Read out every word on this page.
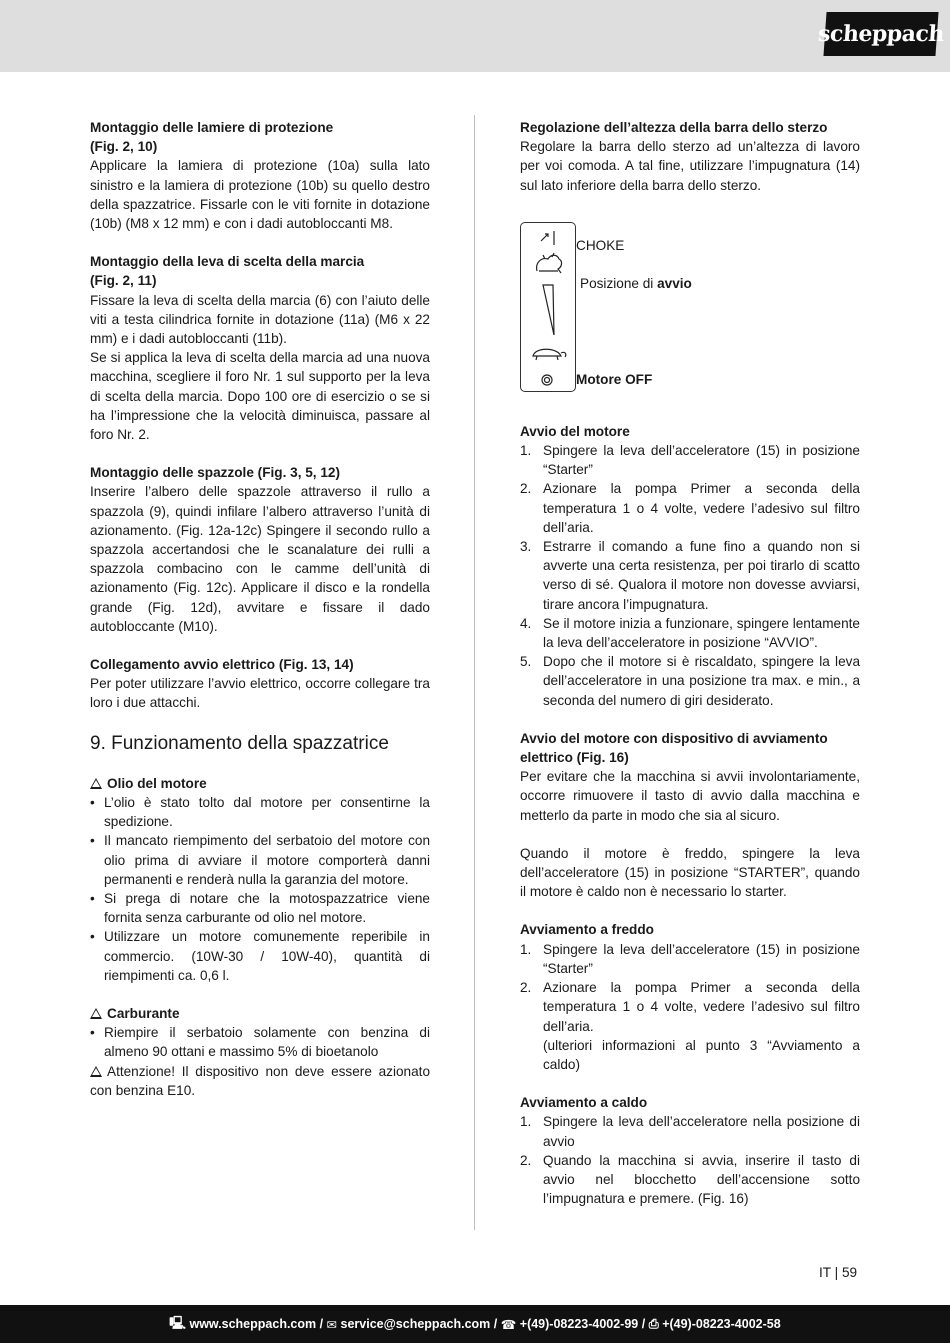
scheppach
Montaggio delle lamiere di protezione
(Fig. 2, 10)

Applicare la lamiera di protezione (10a) sulla lato sinistro e la lamiera di protezione (10b) su quello destro della spazzatrice. Fissarle con le viti fornite in dotazione (10b) (M8 x 12 mm) e con i dadi autobloccanti M8.

Montaggio della leva di scelta della marcia
(Fig. 2, 11)

Fissare la leva di scelta della marcia (6) con l’aiuto delle viti a testa cilindrica fornite in dotazione (11a) (M6 x 22 mm) e i dadi autobloccanti (11b).

Se si applica la leva di scelta della marcia ad una nuova macchina, scegliere il foro Nr. 1 sul supporto per la leva di scelta della marcia. Dopo 100 ore di esercizio o se si ha l’impressione che la velocità diminuisca, passare al foro Nr. 2.

Montaggio delle spazzole (Fig. 3, 5, 12)

Inserire l’albero delle spazzole attraverso il rullo a spazzola (9), quindi infilare l’albero attraverso l’unità di azionamento. (Fig. 12a-12c) Spingere il secondo rullo a spazzola accertandosi che le scanalature dei rulli a spazzola combacino con le camme dell’unità di azionamento (Fig. 12c). Applicare il disco e la rondella grande (Fig. 12d), avvitare e fissare il dado autobloccante (M10).

Collegamento avvio elettrico (Fig. 13, 14)

Per poter utilizzare l’avvio elettrico, occorre collegare tra loro i due attacchi.

9. Funzionamento della spazzatrice
Olio del motore
• L’olio è stato tolto dal motore per consentirne la spedizione.
• Il mancato riempimento del serbatoio del motore con olio prima di avviare il motore comporterà danni permanenti e renderà nulla la garanzia del motore.
• Si prega di notare che la motospazzatrice viene fornita senza carburante od olio nel motore.
• Utilizzare un motore comunemente reperibile in commercio. (10W-30 / 10W-40), quantità di riempimenti ca. 0,6 l.
Carburante
• Riempire il serbatoio solamente con benzina di almeno 90 ottani e massimo 5% di bioetanolo

Attenzione! Il dispositivo non deve essere azionato con benzina E10.

Regolazione dell’altezza della barra dello sterzo

Regolare la barra dello sterzo ad un’altezza di lavoro per voi comoda. A tal fine, utilizzare l’impugnatura (14) sul lato inferiore della barra dello sterzo.

CHOKE
Posizione di avvio
Motore OFF
Avvio del motore
1. Spingere la leva dell’acceleratore (15) in posizione “Starter”
2. Azionare la pompa Primer a seconda della temperatura 1 o 4 volte, vedere l’adesivo sul filtro dell’aria.
3. Estrarre il comando a fune fino a quando non si avverte una certa resistenza, per poi tirarlo di scatto verso di sé. Qualora il motore non dovesse avviarsi, tirare ancora l’impugnatura.
4. Se il motore inizia a funzionare, spingere lentamente la leva dell’acceleratore in posizione “AVVIO”.
5. Dopo che il motore si è riscaldato, spingere la leva dell’acceleratore in una posizione tra max. e min., a seconda del numero di giri desiderato.
Avvio del motore con dispositivo di avviamento elettrico (Fig. 16)

Per evitare che la macchina si avvii involontariamente, occorre rimuovere il tasto di avvio dalla macchina e metterlo da parte in modo che sia al sicuro.

Quando il motore è freddo, spingere la leva dell’acceleratore (15) in posizione “STARTER”, quando il motore è caldo non è necessario lo starter.

Avviamento a freddo
1. Spingere la leva dell’acceleratore (15) in posizione “Starter”
2. Azionare la pompa Primer a seconda della temperatura 1 o 4 volte, vedere l’adesivo sul filtro dell’aria.

(ulteriori informazioni al punto 3 “Avviamento a caldo)

Avviamento a caldo
1. Spingere la leva dell’acceleratore nella posizione di avvio
2. Quando la macchina si avvia, inserire il tasto di avvio nel blocchetto dell’accensione sotto l’impugnatura e premere. (Fig. 16)
IT | 59
🖳
www.scheppach.com / ✉
service@scheppach.com / ☎
+(49)-08223-4002-99 / ⎙
+(49)-08223-4002-58
